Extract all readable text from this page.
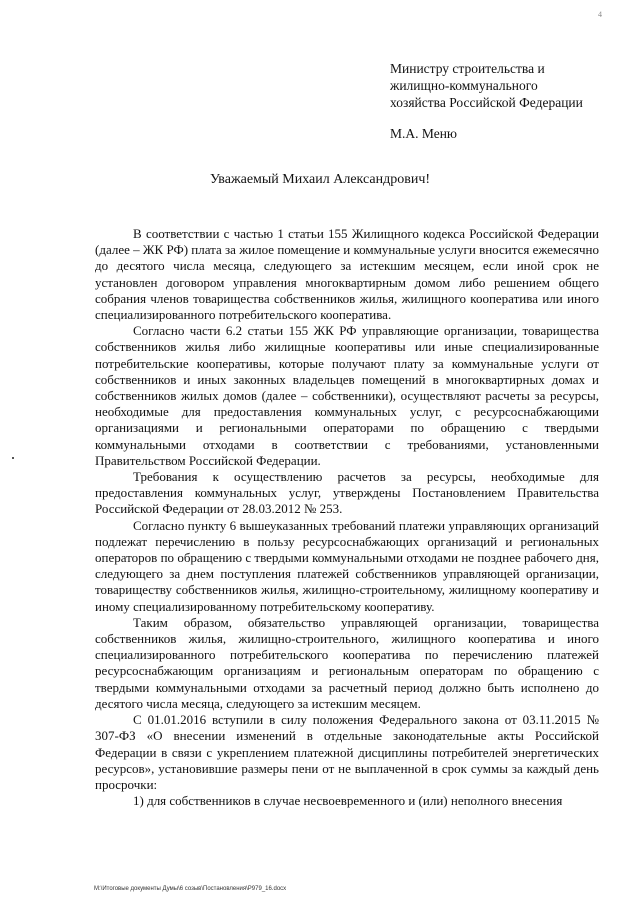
4
Министру строительства и
жилищно-коммунального
хозяйства Российской Федерации
М.А. Меню
Уважаемый Михаил Александрович!

В соответствии с частью 1 статьи 155 Жилищного кодекса Российской Федерации (далее – ЖК РФ) плата за жилое помещение и коммунальные услуги вносится ежемесячно до десятого числа месяца, следующего за истекшим месяцем, если иной срок не установлен договором управления многоквартирным домом либо решением общего собрания членов товарищества собственников жилья, жилищного кооператива или иного специализированного потребительского кооператива.

Согласно части 6.2 статьи 155 ЖК РФ управляющие организации, товарищества собственников жилья либо жилищные кооперативы или иные специализированные потребительские кооперативы, которые получают плату за коммунальные услуги от собственников и иных законных владельцев помещений в многоквартирных домах и собственников жилых домов (далее – собственники), осуществляют расчеты за ресурсы, необходимые для предоставления коммунальных услуг, с ресурсоснабжающими организациями и региональными операторами по обращению с твердыми коммунальными отходами в соответствии с требованиями, установленными Правительством Российской Федерации.

Требования к осуществлению расчетов за ресурсы, необходимые для предоставления коммунальных услуг, утверждены Постановлением Правительства Российской Федерации от 28.03.2012 № 253.

Согласно пункту 6 вышеуказанных требований платежи управляющих организаций подлежат перечислению в пользу ресурсоснабжающих организаций и региональных операторов по обращению с твердыми коммунальными отходами не позднее рабочего дня, следующего за днем поступления платежей собственников управляющей организации, товариществу собственников жилья, жилищно-строительному, жилищному кооперативу и иному специализированному потребительскому кооперативу.

Таким образом, обязательство управляющей организации, товарищества собственников жилья, жилищно-строительного, жилищного кооператива и иного специализированного потребительского кооператива по перечислению платежей ресурсоснабжающим организациям и региональным операторам по обращению с твердыми коммунальными отходами за расчетный период должно быть исполнено до десятого числа месяца, следующего за истекшим месяцем.

С 01.01.2016 вступили в силу положения Федерального закона от 03.11.2015 № 307-ФЗ «О внесении изменений в отдельные законодательные акты Российской Федерации в связи с укреплением платежной дисциплины потребителей энергетических ресурсов», установившие размеры пени от не выплаченной в срок суммы за каждый день просрочки:

1) для собственников в случае несвоевременного и (или) неполного внесения

M:\Итоговые документы Думы\6 созыв\Постановления\Р979_16.docx
